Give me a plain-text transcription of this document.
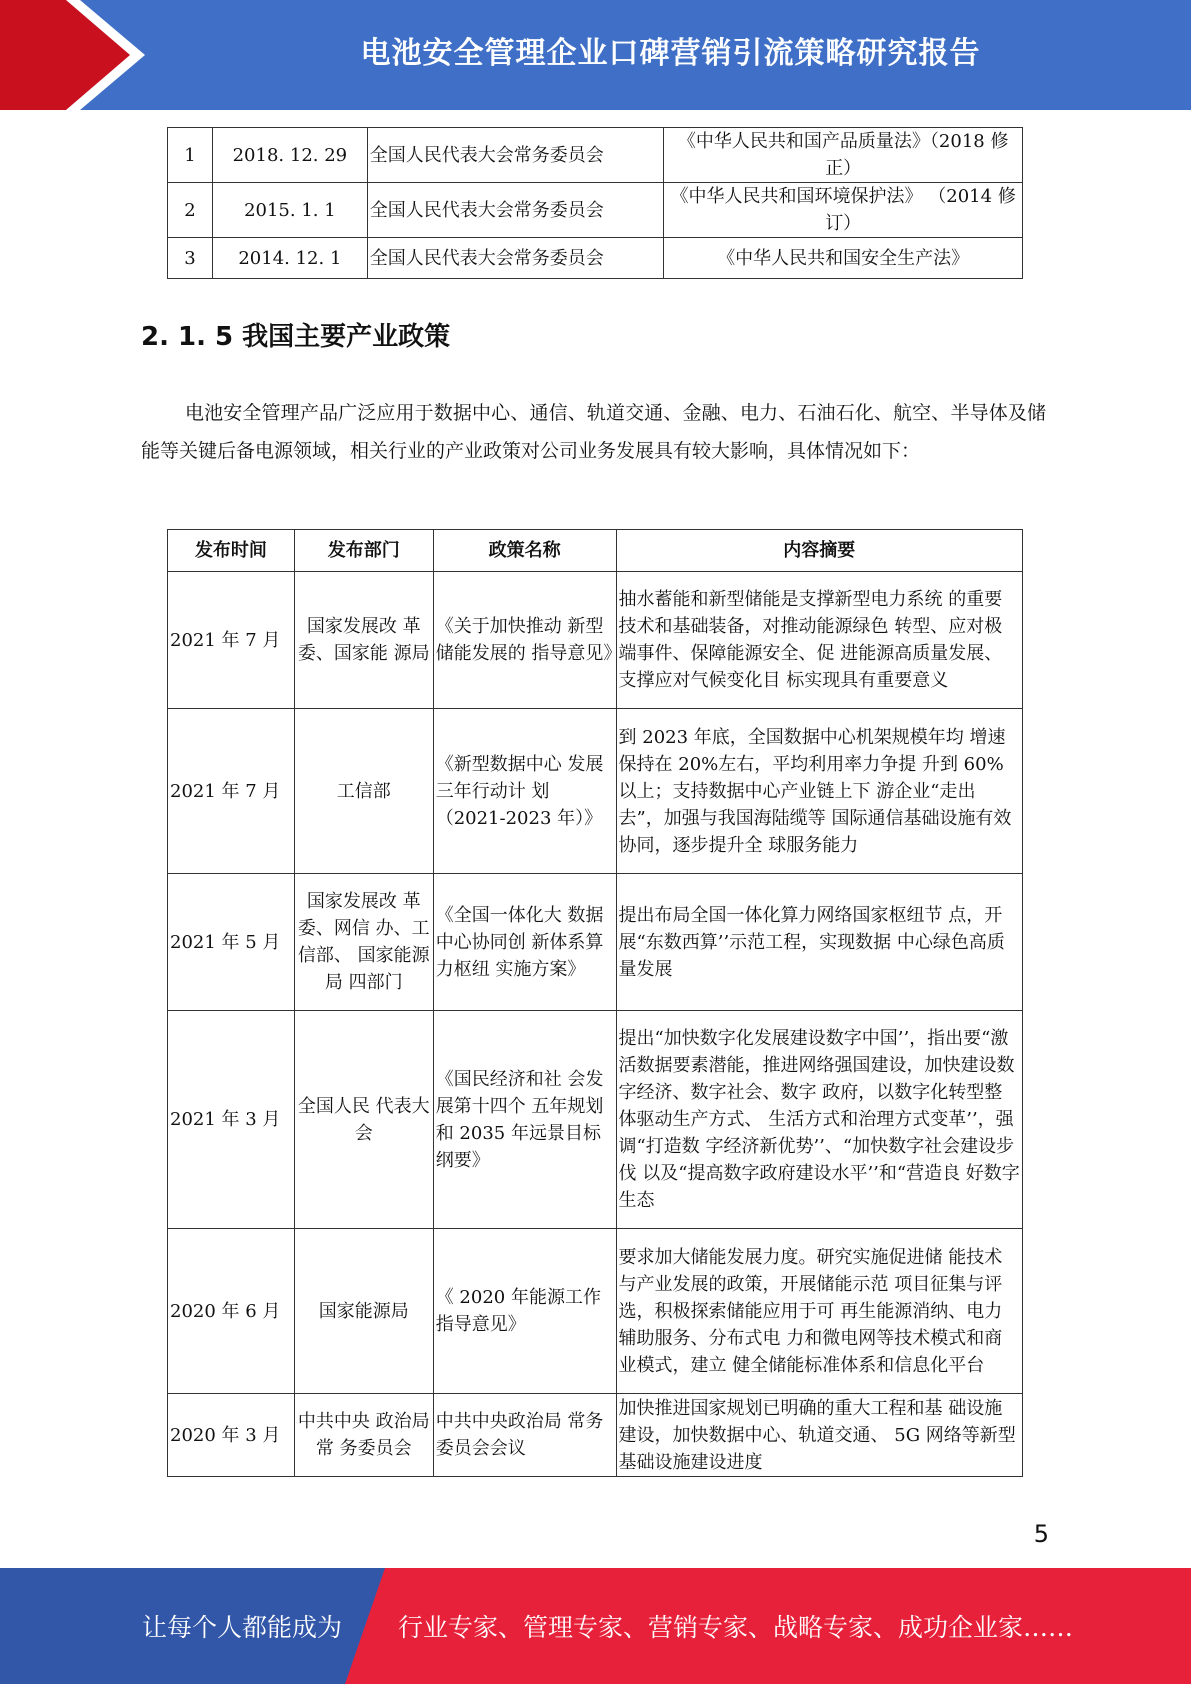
电池安全管理企业口碑营销引流策略研究报告
1	2018. 12. 29	全国人民代表大会常务委员会	《中华人民共和国产品质量法》（2018 修正）
2	2015. 1. 1	全国人民代表大会常务委员会	《中华人民共和国环境保护法》 （2014 修订）
3	2014. 12. 1	全国人民代表大会常务委员会	《中华人民共和国安全生产法》
2. 1. 5 我国主要产业政策
电池安全管理产品广泛应用于数据中心、通信、轨道交通、金融、电力、石油石化、航空、半导体及储能等关键后备电源领域，相关行业的产业政策对公司业务发展具有较大影响，具体情况如下：
发布时间	发布部门	政策名称	内容摘要
2021 年 7 月	国家发展改 革委、国家能 源局	《关于加快推动 新型储能发展的 指导意见》	抽水蓄能和新型储能是支撑新型电力系统 的重要技术和基础装备，对推动能源绿色 转型、应对极端事件、保障能源安全、促 进能源高质量发展、支撑应对气候变化目 标实现具有重要意义
2021 年 7 月	工信部	《新型数据中心 发展三年行动计 划（2021-2023 年）》	到 2023 年底，全国数据中心机架规模年均 增速保持在 20%左右，平均利用率力争提 升到 60%以上；支持数据中心产业链上下 游企业“走出去”，加强与我国海陆缆等 国际通信基础设施有效协同，逐步提升全 球服务能力
2021 年 5 月	国家发展改 革委、网信 办、工信部、 国家能源局 四部门	《全国一体化大 数据中心协同创 新体系算力枢纽 实施方案》	提出布局全国一体化算力网络国家枢纽节 点，开展“东数西算’’示范工程，实现数据 中心绿色高质量发展
2021 年 3 月	全国人民 代表大会	《国民经济和社 会发展第十四个 五年规划和 2035 年远景目标纲要》	提出“加快数字化发展建设数字中国’’，指出要“激活数据要素潜能，推进网络强国建设，加快建设数字经济、数字社会、数字 政府，以数字化转型整体驱动生产方式、 生活方式和治理方式变革’’，强调“打造数 字经济新优势’’、“加快数字社会建设步伐 以及“提高数字政府建设水平’’和“营造良 好数字生态
2020 年 6 月	国家能源局	《 2020 年能源工作指导意见》	要求加大储能发展力度。研究实施促进储 能技术与产业发展的政策，开展储能示范 项目征集与评选，积极探索储能应用于可 再生能源消纳、电力辅助服务、分布式电 力和微电网等技术模式和商业模式，建立 健全储能标准体系和信息化平台
2020 年 3 月	中共中央 政治局常 务委员会	中共中央政治局 常务委员会会议	加快推进国家规划已明确的重大工程和基 础设施建设，加快数据中心、轨道交通、 5G 网络等新型基础设施建设进度
5
让每个人都能成为 行业专家、管理专家、营销专家、战略专家、成功企业家……
